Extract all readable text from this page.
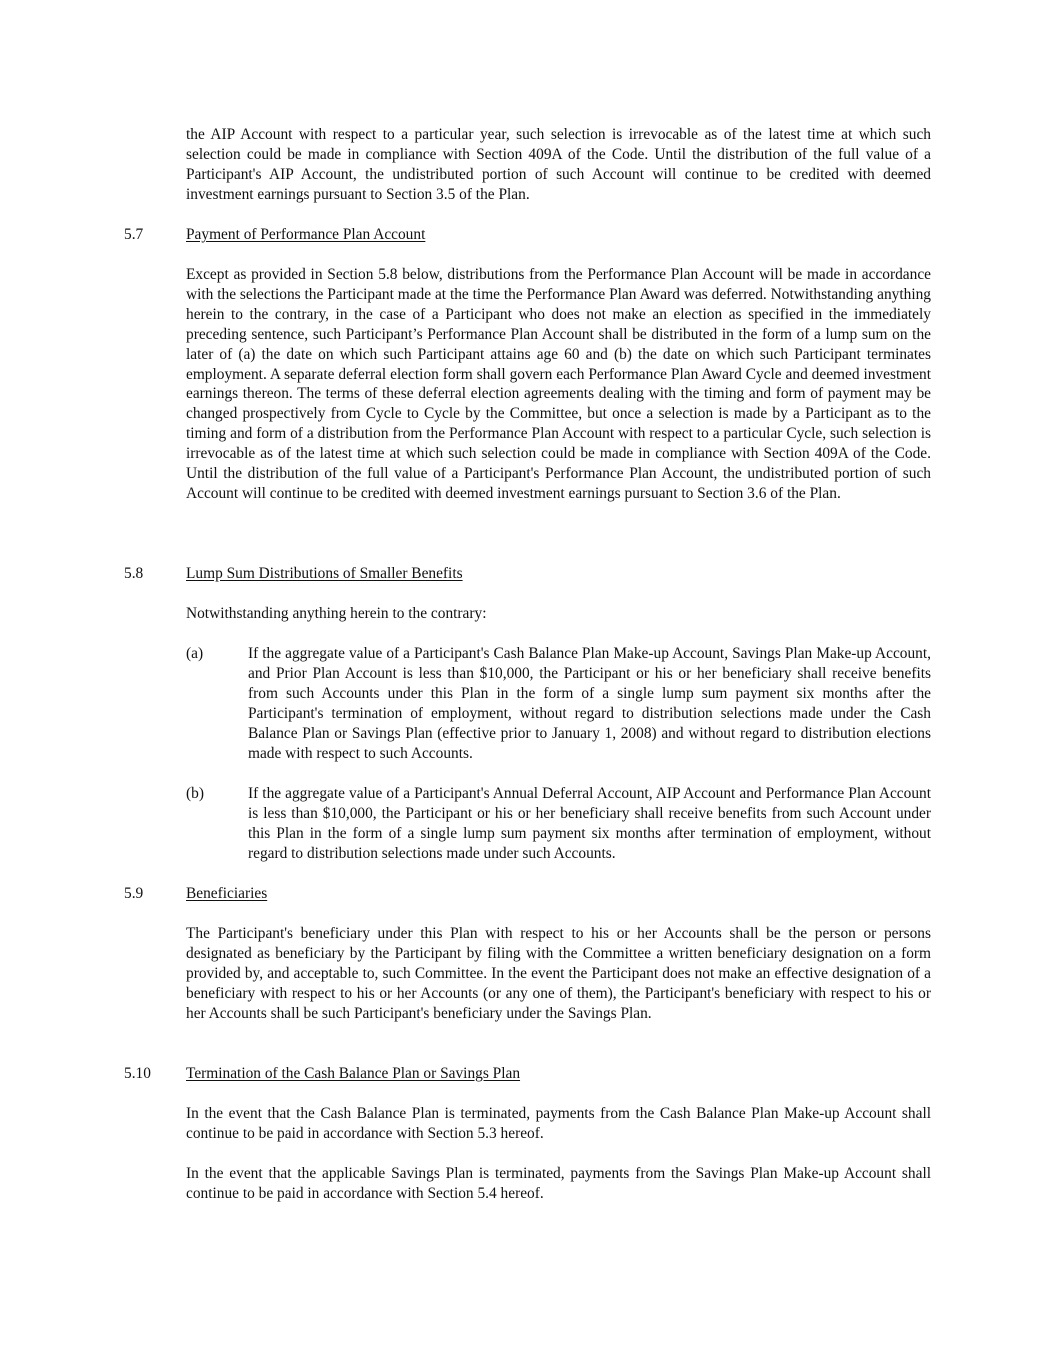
the AIP Account with respect to a particular year, such selection is irrevocable as of the latest time at which such selection could be made in compliance with Section 409A of the Code. Until the distribution of the full value of a Participant's AIP Account, the undistributed portion of such Account will continue to be credited with deemed investment earnings pursuant to Section 3.5 of the Plan.

5.7	Payment of Performance Plan Account

Except as provided in Section 5.8 below, distributions from the Performance Plan Account will be made in accordance with the selections the Participant made at the time the Performance Plan Award was deferred. Notwithstanding anything herein to the contrary, in the case of a Participant who does not make an election as specified in the immediately preceding sentence, such Participant’s Performance Plan Account shall be distributed in the form of a lump sum on the later of (a) the date on which such Participant attains age 60 and (b) the date on which such Participant terminates employment. A separate deferral election form shall govern each Performance Plan Award Cycle and deemed investment earnings thereon. The terms of these deferral election agreements dealing with the timing and form of payment may be changed prospectively from Cycle to Cycle by the Committee, but once a selection is made by a Participant as to the timing and form of a distribution from the Performance Plan Account with respect to a particular Cycle, such selection is irrevocable as of the latest time at which such selection could be made in compliance with Section 409A of the Code. Until the distribution of the full value of a Participant's Performance Plan Account, the undistributed portion of such Account will continue to be credited with deemed investment earnings pursuant to Section 3.6 of the Plan.

5.8	Lump Sum Distributions of Smaller Benefits

Notwithstanding anything herein to the contrary:

(a)	If the aggregate value of a Participant's Cash Balance Plan Make-up Account, Savings Plan Make-up Account, and Prior Plan Account is less than $10,000, the Participant or his or her beneficiary shall receive benefits from such Accounts under this Plan in the form of a single lump sum payment six months after the Participant's termination of employment, without regard to distribution selections made under the Cash Balance Plan or Savings Plan (effective prior to January 1, 2008) and without regard to distribution elections made with respect to such Accounts.

(b)	If the aggregate value of a Participant's Annual Deferral Account, AIP Account and Performance Plan Account is less than $10,000, the Participant or his or her beneficiary shall receive benefits from such Account under this Plan in the form of a single lump sum payment six months after termination of employment, without regard to distribution selections made under such Accounts.

5.9	Beneficiaries

The Participant's beneficiary under this Plan with respect to his or her Accounts shall be the person or persons designated as beneficiary by the Participant by filing with the Committee a written beneficiary designation on a form provided by, and acceptable to, such Committee. In the event the Participant does not make an effective designation of a beneficiary with respect to his or her Accounts (or any one of them), the Participant's beneficiary with respect to his or her Accounts shall be such Participant's beneficiary under the Savings Plan.

5.10 Termination of the Cash Balance Plan or Savings Plan

In the event that the Cash Balance Plan is terminated, payments from the Cash Balance Plan Make-up Account shall continue to be paid in accordance with Section 5.3 hereof.

In the event that the applicable Savings Plan is terminated, payments from the Savings Plan Make-up Account shall continue to be paid in accordance with Section 5.4 hereof.
